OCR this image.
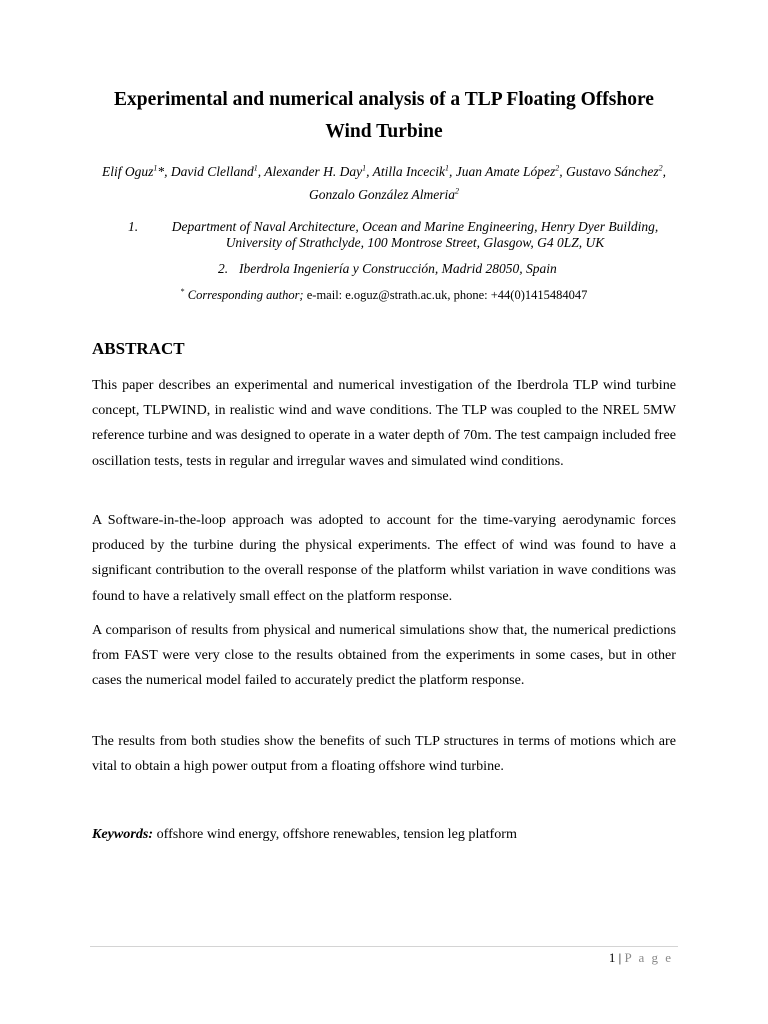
Experimental and numerical analysis of a TLP Floating Offshore
Wind Turbine
Elif Oguz$^1$*, David Clelland$^1$, Alexander H. Day$^1$, Atilla Incecik$^1$, Juan Amate López$^2$, Gustavo Sánchez$^2$, Gonzalo González Almeria$^2$
1.	Department of Naval Architecture, Ocean and Marine Engineering, Henry Dyer Building,
University of Strathclyde, 100 Montrose Street, Glasgow, G4 0LZ, UK
2. Iberdrola Ingeniería y Construcción, Madrid 28050, Spain
* Corresponding author; e-mail: e.oguz@strath.ac.uk, phone: +44(0)1415484047
ABSTRACT
This paper describes an experimental and numerical investigation of the Iberdrola TLP wind turbine concept, TLPWIND, in realistic wind and wave conditions. The TLP was coupled to the NREL 5MW reference turbine and was designed to operate in a water depth of 70m. The test campaign included free oscillation tests, tests in regular and irregular waves and simulated wind conditions.
A Software-in-the-loop approach was adopted to account for the time-varying aerodynamic forces produced by the turbine during the physical experiments. The effect of wind was found to have a significant contribution to the overall response of the platform whilst variation in wave conditions was found to have a relatively small effect on the platform response.
A comparison of results from physical and numerical simulations show that, the numerical predictions from FAST were very close to the results obtained from the experiments in some cases, but in other cases the numerical model failed to accurately predict the platform response.
The results from both studies show the benefits of such TLP structures in terms of motions which are vital to obtain a high power output from a floating offshore wind turbine.
Keywords: offshore wind energy, offshore renewables, tension leg platform
1 | P a g e
